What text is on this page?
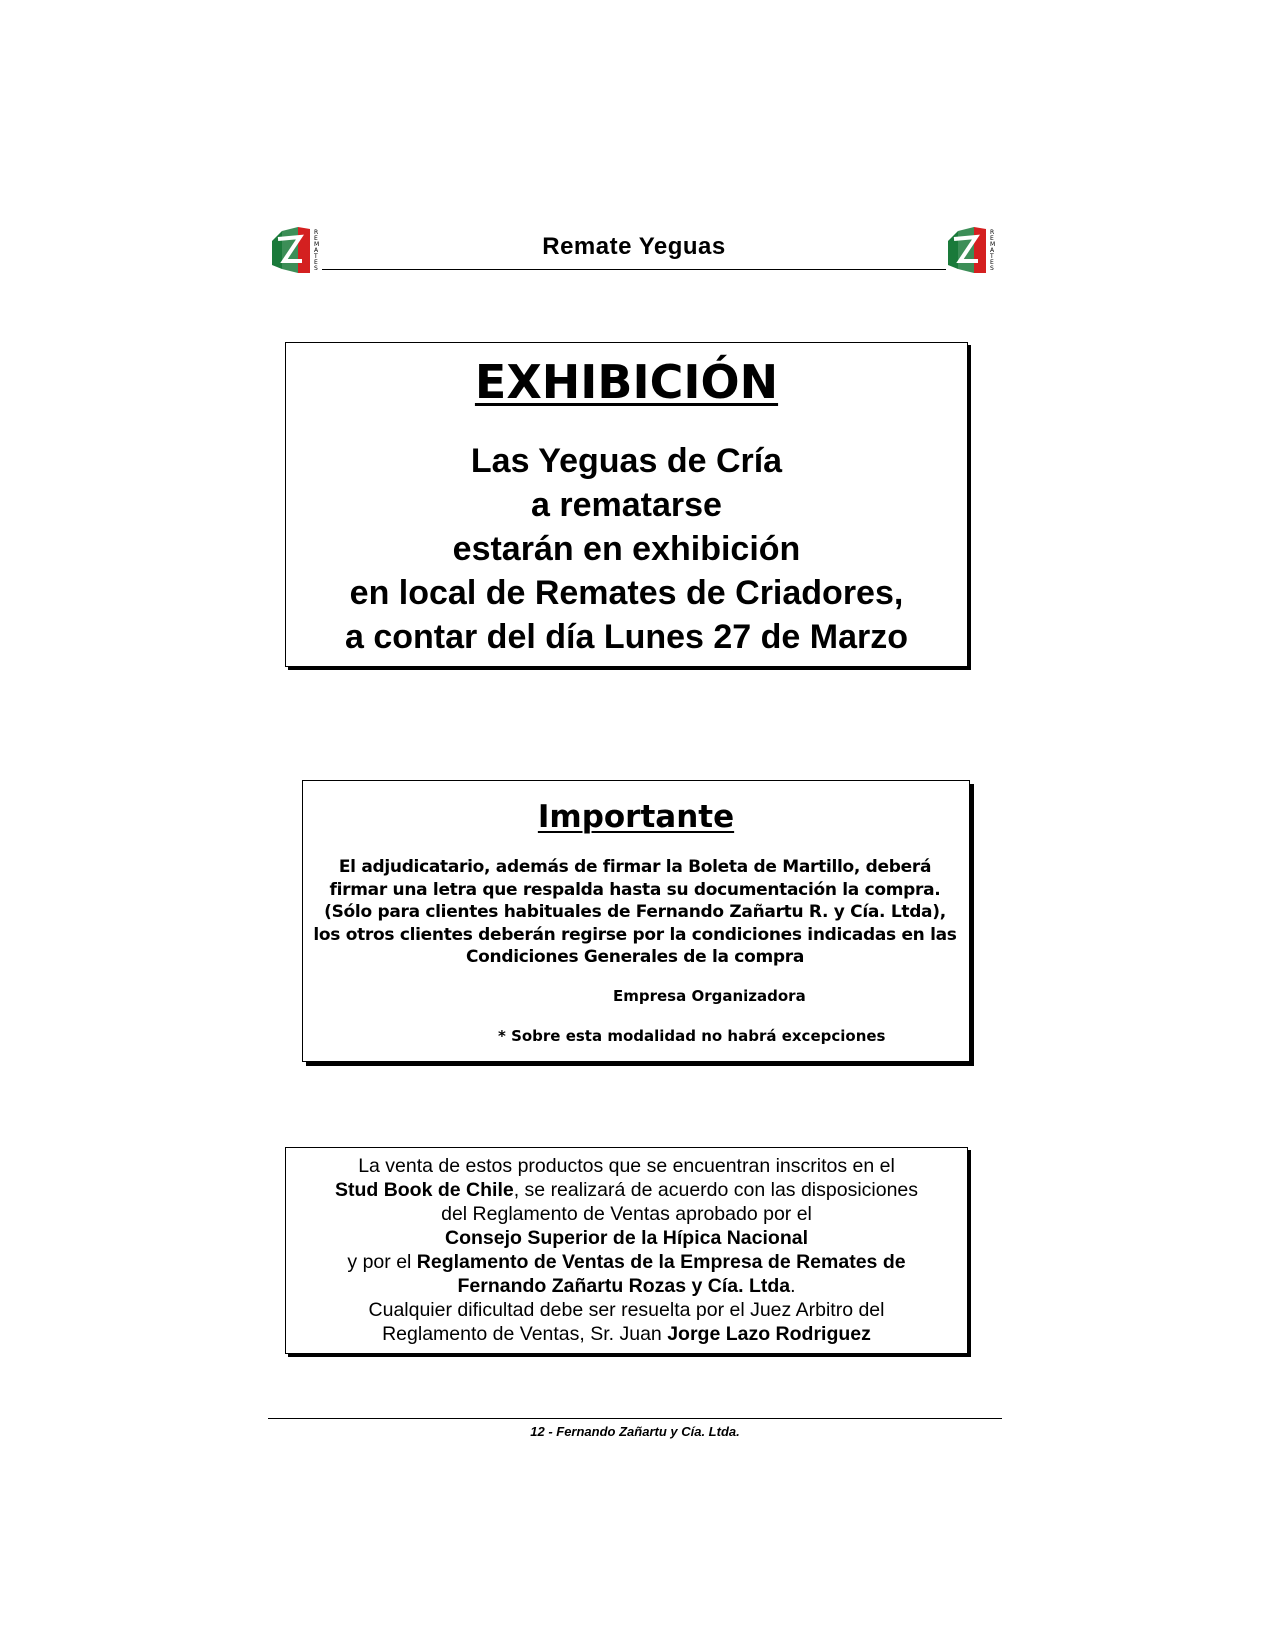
R
E
M
A
T
E
S
Remate Yeguas
R
E
M
A
T
E
S
EXHIBICIÓN
Las Yeguas de Cría
a rematarse
estarán en exhibición
en local de Remates de Criadores,
a contar del día Lunes 27 de Marzo
Importante
El adjudicatario, además de firmar la Boleta de Martillo, deberá
firmar una letra que respalda hasta su documentación la compra.
(Sólo para clientes habituales de Fernando Zañartu R. y Cía. Ltda),
los otros clientes deberán regirse por la condiciones indicadas en las
Condiciones Generales de la compra
Empresa Organizadora
* Sobre esta modalidad no habrá excepciones
La venta de estos productos que se encuentran inscritos en el
Stud Book de Chile, se realizará de acuerdo con las disposiciones
del Reglamento de Ventas aprobado por el
Consejo Superior de la Hípica Nacional
y por el Reglamento de Ventas de la Empresa de Remates de
Fernando Zañartu Rozas y Cía. Ltda.
Cualquier dificultad debe ser resuelta por el Juez Arbitro del
Reglamento de Ventas, Sr. Juan Jorge Lazo Rodriguez
12 - Fernando Zañartu y Cía. Ltda.
